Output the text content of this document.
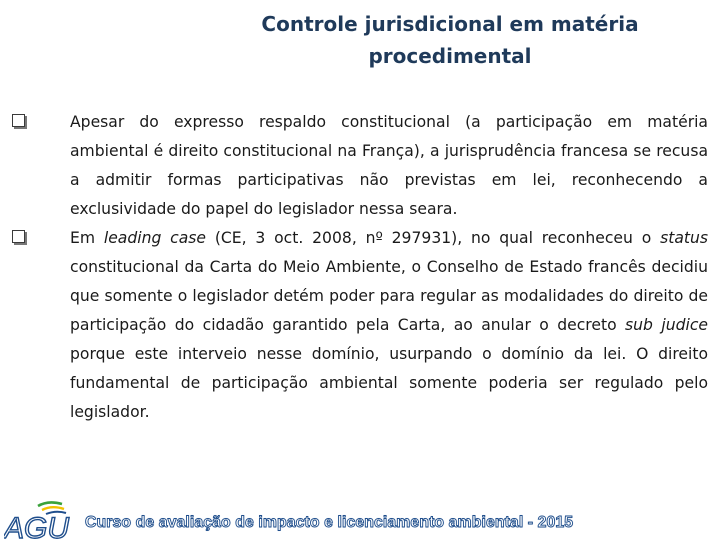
Controle jurisdicional em matéria
procedimental
Apesar do expresso respaldo constitucional (a participação em matéria ambiental é direito constitucional na França), a jurisprudência francesa se recusa a admitir formas participativas não previstas em lei, reconhecendo a exclusividade do papel do legislador nessa seara.
Em leading case (CE, 3 oct. 2008, nº 297931), no qual reconheceu o status constitucional da Carta do Meio Ambiente, o Conselho de Estado francês decidiu que somente o legislador detém poder para regular as modalidades do direito de participação do cidadão garantido pela Carta, ao anular o decreto sub judice porque este interveio nesse domínio, usurpando o domínio da lei. O direito fundamental de participação ambiental somente poderia ser regulado pelo legislador.
AGU Curso de avaliação de impacto e licenciamento ambiental - 2015
